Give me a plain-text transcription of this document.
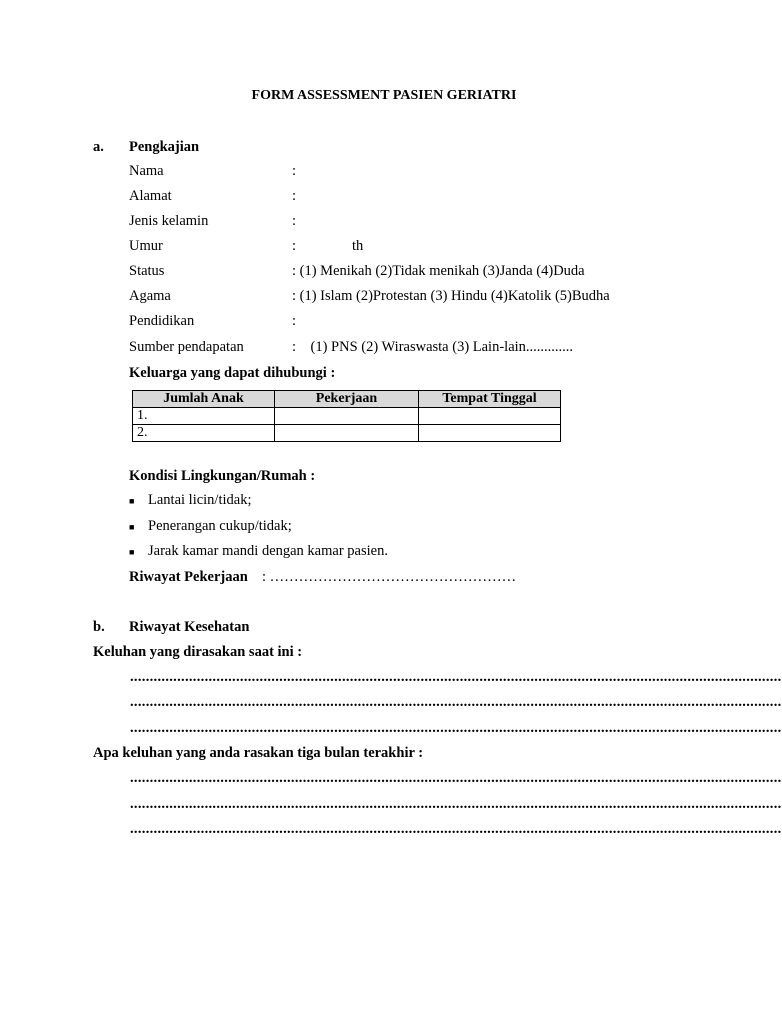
FORM ASSESSMENT PASIEN GERIATRI
a. Pengkajian
Nama	:
Alamat	:
Jenis kelamin	:
Umur	:	th
Status	: (1) Menikah (2)Tidak menikah (3)Janda (4)Duda
Agama	: (1) Islam (2)Protestan (3) Hindu (4)Katolik (5)Budha
Pendidikan	:
Sumber pendapatan	:    (1) PNS (2) Wiraswasta (3) Lain-lain.............
Keluarga yang dapat dihubungi :
Jumlah Anak	Pekerjaan	Tempat Tinggal
1.		
2.		
Kondisi Lingkungan/Rumah :
■ Lantai licin/tidak;
■ Penerangan cukup/tidak;
■ Jarak kamar mandi dengan kamar pasien.
Riwayat Pekerjaan : ……………………………………………
b. Riwayat Kesehatan
Keluhan yang dirasakan saat ini :
......................................................................................................................................................................
......................................................................................................................................................................
......................................................................................................................................................................
Apa keluhan yang anda rasakan tiga bulan terakhir :
......................................................................................................................................................................
......................................................................................................................................................................
......................................................................................................................................................................
